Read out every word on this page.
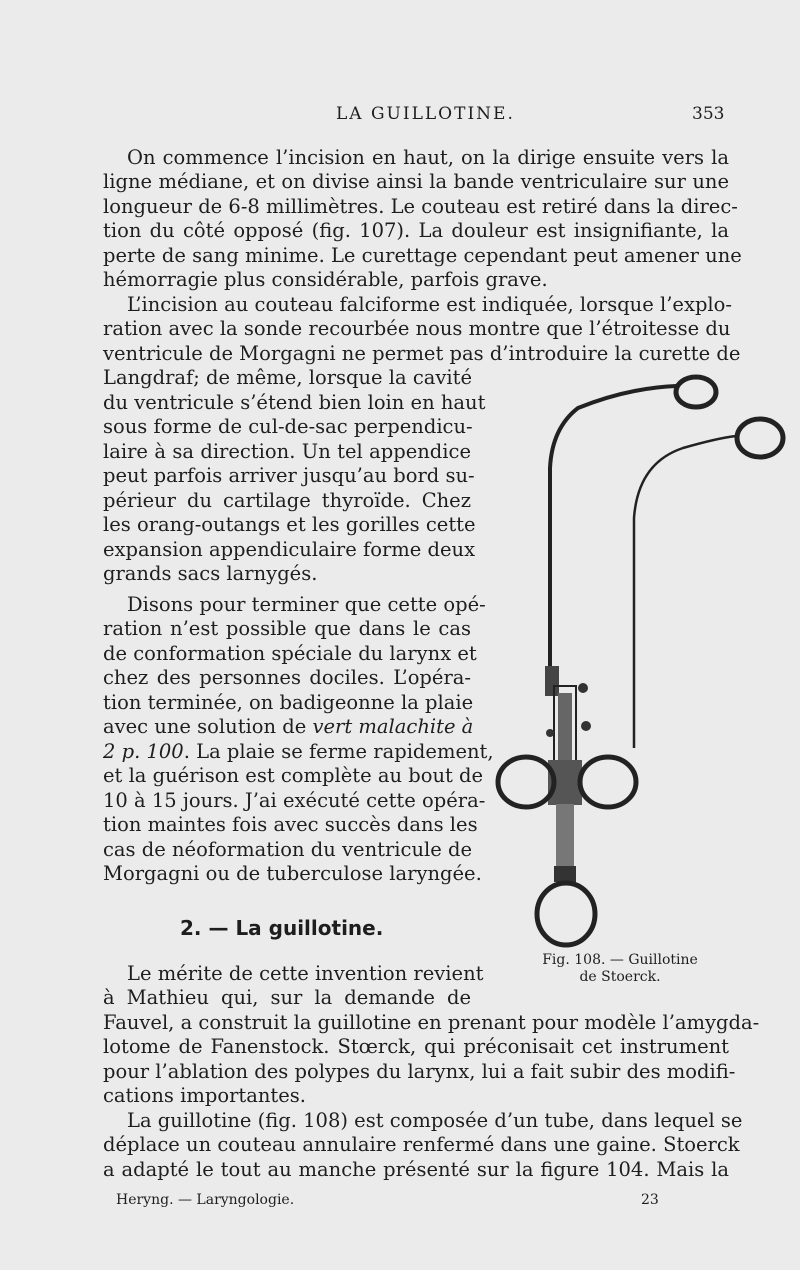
LA GUILLOTINE.	353
On commence l’incision en haut, on la dirige ensuite vers la
ligne médiane, et on divise ainsi la bande ventriculaire sur une
longueur de 6-8 millimètres. Le couteau est retiré dans la direc-
tion du côté opposé (fig. 107). La douleur est insignifiante, la
perte de sang minime. Le curettage cependant peut amener une
hémorragie plus considérable, parfois grave.
L’incision au couteau falciforme est indiquée, lorsque l’explo-
ration avec la sonde recourbée nous montre que l’étroitesse du
ventricule de Morgagni ne permet pas d’introduire la curette de
Langdraf; de même, lorsque la cavité
du ventricule s’étend bien loin en haut
sous forme de cul-de-sac perpendicu-
laire à sa direction. Un tel appendice
peut parfois arriver jusqu’au bord su-
périeur du cartilage thyroïde. Chez
les orang-outangs et les gorilles cette
expansion appendiculaire forme deux
grands sacs larnygés.
Disons pour terminer que cette opé-
ration n’est possible que dans le cas
de conformation spéciale du larynx et
chez des personnes dociles. L’opéra-
tion terminée, on badigeonne la plaie
avec une solution de vert malachite à
2 p. 100. La plaie se ferme rapidement,
et la guérison est complète au bout de
10 à 15 jours. J’ai exécuté cette opéra-
tion maintes fois avec succès dans les
cas de néoformation du ventricule de
Morgagni ou de tuberculose laryngée.
2. — La guillotine.
Le mérite de cette invention revient
à Mathieu qui, sur la demande de
Fauvel, a construit la guillotine en prenant pour modèle l’amygda-
lotome de Fanenstock. Stœrck, qui préconisait cet instrument
pour l’ablation des polypes du larynx, lui a fait subir des modifi-
cations importantes.
La guillotine (fig. 108) est composée d’un tube, dans lequel se
déplace un couteau annulaire renfermé dans une gaine. Stoerck
a adapté le tout au manche présenté sur la figure 104. Mais la
Fig. 108. — Guillotine
de Stoerck.
Heryng. — Laryngologie.	23
